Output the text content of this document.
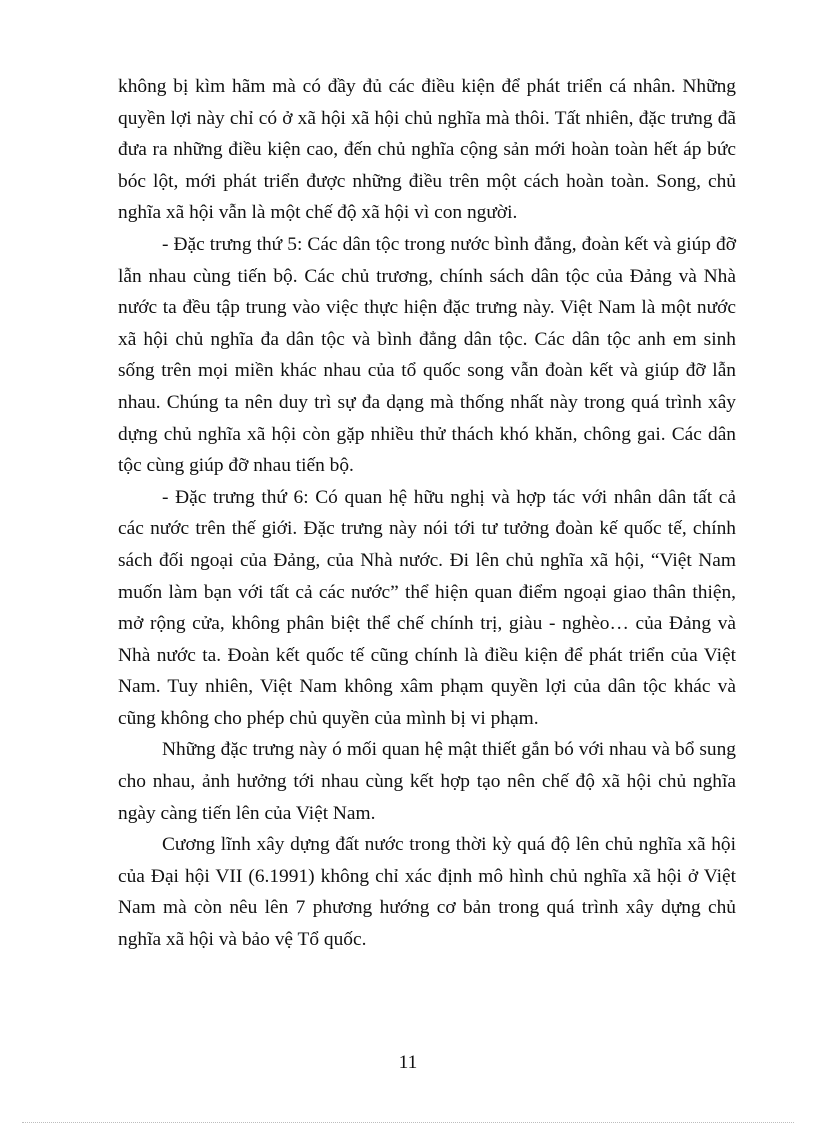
không bị kìm hãm mà có đầy đủ các điều kiện để phát triển cá nhân. Những quyền lợi này chỉ có ở xã hội xã hội chủ nghĩa mà thôi. Tất nhiên, đặc trưng đã đưa ra những điều kiện cao, đến chủ nghĩa cộng sản mới hoàn toàn hết áp bức bóc lột, mới phát triển được những điều trên một cách hoàn toàn. Song, chủ nghĩa xã hội vẫn là một chế độ xã hội vì con người.

- Đặc trưng thứ 5: Các dân tộc trong nước bình đẳng, đoàn kết và giúp đỡ lẫn nhau cùng tiến bộ. Các chủ trương, chính sách dân tộc của Đảng và Nhà nước ta đều tập trung vào việc thực hiện đặc trưng này. Việt Nam là một nước xã hội chủ nghĩa đa dân tộc và bình đẳng dân tộc. Các dân tộc anh em sinh sống trên mọi miền khác nhau của tổ quốc song vẫn đoàn kết và giúp đỡ lẫn nhau. Chúng ta nên duy trì sự đa dạng mà thống nhất này trong quá trình xây dựng chủ nghĩa xã hội còn gặp nhiều thử thách khó khăn, chông gai. Các dân tộc cùng giúp đỡ nhau tiến bộ.

- Đặc trưng thứ 6: Có quan hệ hữu nghị và hợp tác với nhân dân tất cả các nước trên thế giới. Đặc trưng này nói tới tư tưởng đoàn kế quốc tế, chính sách đối ngoại của Đảng, của Nhà nước. Đi lên chủ nghĩa xã hội, “Việt Nam muốn làm bạn với tất cả các nước” thể hiện quan điểm ngoại giao thân thiện, mở rộng cửa, không phân biệt thể chế chính trị, giàu - nghèo… của Đảng và Nhà nước ta. Đoàn kết quốc tế cũng chính là điều kiện để phát triển của Việt Nam. Tuy nhiên, Việt Nam không xâm phạm quyền lợi của dân tộc khác và cũng không cho phép chủ quyền của mình bị vi phạm.

Những đặc trưng này ó mối quan hệ mật thiết gắn bó với nhau và bổ sung cho nhau, ảnh hưởng tới nhau cùng kết hợp tạo nên chế độ xã hội chủ nghĩa ngày càng tiến lên của Việt Nam.

Cương lĩnh xây dựng đất nước trong thời kỳ quá độ lên chủ nghĩa xã hội của Đại hội VII (6.1991) không chỉ xác định mô hình chủ nghĩa xã hội ở Việt Nam mà còn nêu lên 7 phương hướng cơ bản trong quá trình xây dựng chủ nghĩa xã hội và bảo vệ Tổ quốc.

11
